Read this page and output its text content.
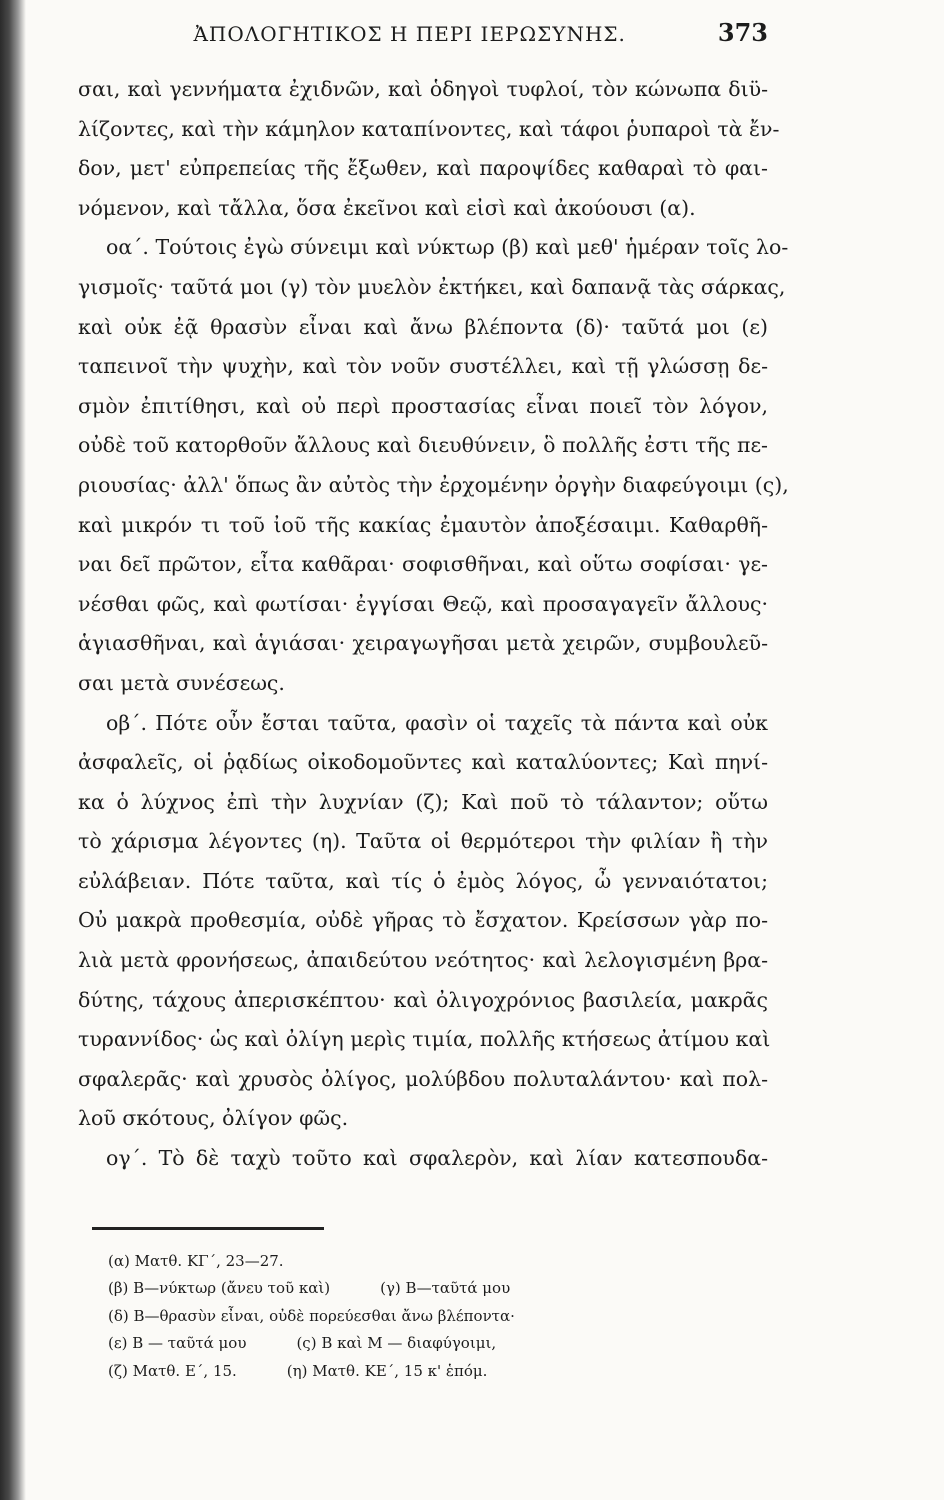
ἈΠΟΛΟΓΗΤΙΚΟΣ Η ΠΕΡΙ ΙΕΡΩΣΥΝΗΣ.	373
σαι, καὶ γεννήματα ἐχιδνῶν, καὶ ὁδηγοὶ τυφλοί, τὸν κώνωπα διϋ-
λίζοντες, καὶ τὴν κάμηλον καταπίνοντες, καὶ τάφοι ῥυπαροὶ τὰ ἔν-
δον, μετ' εὐπρεπείας τῆς ἔξωθεν, καὶ παροψίδες καθαραὶ τὸ φαι-
νόμενον, καὶ τἄλλα, ὅσα ἐκεῖνοι καὶ εἰσὶ καὶ ἀκούουσι (α).
οα΄. Τούτοις ἐγὼ σύνειμι καὶ νύκτωρ (β) καὶ μεθ' ἡμέραν τοῖς λο-
γισμοῖς· ταῦτά μοι (γ) τὸν μυελὸν ἐκτήκει, καὶ δαπανᾷ τὰς σάρκας,
καὶ οὐκ ἐᾷ θρασὺν εἶναι καὶ ἄνω βλέποντα (δ)· ταῦτά μοι (ε)
ταπεινοῖ τὴν ψυχὴν, καὶ τὸν νοῦν συστέλλει, καὶ τῇ γλώσσῃ δε-
σμὸν ἐπιτίθησι, καὶ οὐ περὶ προστασίας εἶναι ποιεῖ τὸν λόγον,
οὐδὲ τοῦ κατορθοῦν ἄλλους καὶ διευθύνειν, ὃ πολλῆς ἐστι τῆς πε-
ριουσίας· ἀλλ' ὅπως ἂν αὐτὸς τὴν ἐρχομένην ὀργὴν διαφεύγοιμι (ς),
καὶ μικρόν τι τοῦ ἰοῦ τῆς κακίας ἐμαυτὸν ἀποξέσαιμι. Καθαρθῆ-
ναι δεῖ πρῶτον, εἶτα καθᾶραι· σοφισθῆναι, καὶ οὕτω σοφίσαι· γε-
νέσθαι φῶς, καὶ φωτίσαι· ἐγγίσαι Θεῷ, καὶ προσαγαγεῖν ἄλλους·
ἁγιασθῆναι, καὶ ἁγιάσαι· χειραγωγῆσαι μετὰ χειρῶν, συμβουλεῦ-
σαι μετὰ συνέσεως.
οβ΄. Πότε οὖν ἔσται ταῦτα, φασὶν οἱ ταχεῖς τὰ πάντα καὶ οὐκ
ἀσφαλεῖς, οἱ ῥᾳδίως οἰκοδομοῦντες καὶ καταλύοντες; Καὶ πηνί-
κα ὁ λύχνος ἐπὶ τὴν λυχνίαν (ζ); Καὶ ποῦ τὸ τάλαντον; οὕτω
τὸ χάρισμα λέγοντες (η). Ταῦτα οἱ θερμότεροι τὴν φιλίαν ἢ τὴν
εὐλάβειαν. Πότε ταῦτα, καὶ τίς ὁ ἐμὸς λόγος, ὦ γενναιότατοι;
Οὐ μακρὰ προθεσμία, οὐδὲ γῆρας τὸ ἔσχατον. Κρείσσων γὰρ πο-
λιὰ μετὰ φρονήσεως, ἀπαιδεύτου νεότητος· καὶ λελογισμένη βρα-
δύτης, τάχους ἀπερισκέπτου· καὶ ὀλιγοχρόνιος βασιλεία, μακρᾶς
τυραννίδος· ὡς καὶ ὀλίγη μερὶς τιμία, πολλῆς κτήσεως ἀτίμου καὶ
σφαλερᾶς· καὶ χρυσὸς ὀλίγος, μολύβδου πολυταλάντου· καὶ πολ-
λοῦ σκότους, ὀλίγον φῶς.
ογ΄. Τὸ δὲ ταχὺ τοῦτο καὶ σφαλερὸν, καὶ λίαν κατεσπουδα-
(α) Ματθ. ΚΓ΄, 23—27.
(β) Β—νύκτωρ (ἄνευ τοῦ καὶ)	(γ) Β—ταῦτά μου
(δ) Β—θρασὺν εἶναι, οὐδὲ πορεύεσθαι ἄνω βλέποντα·
(ε) Β — ταῦτά μου	(ς) Β καὶ Μ — διαφύγοιμι,
(ζ) Ματθ. Ε΄, 15.	(η) Ματθ. ΚΕ΄, 15 κ' ἑπόμ.
